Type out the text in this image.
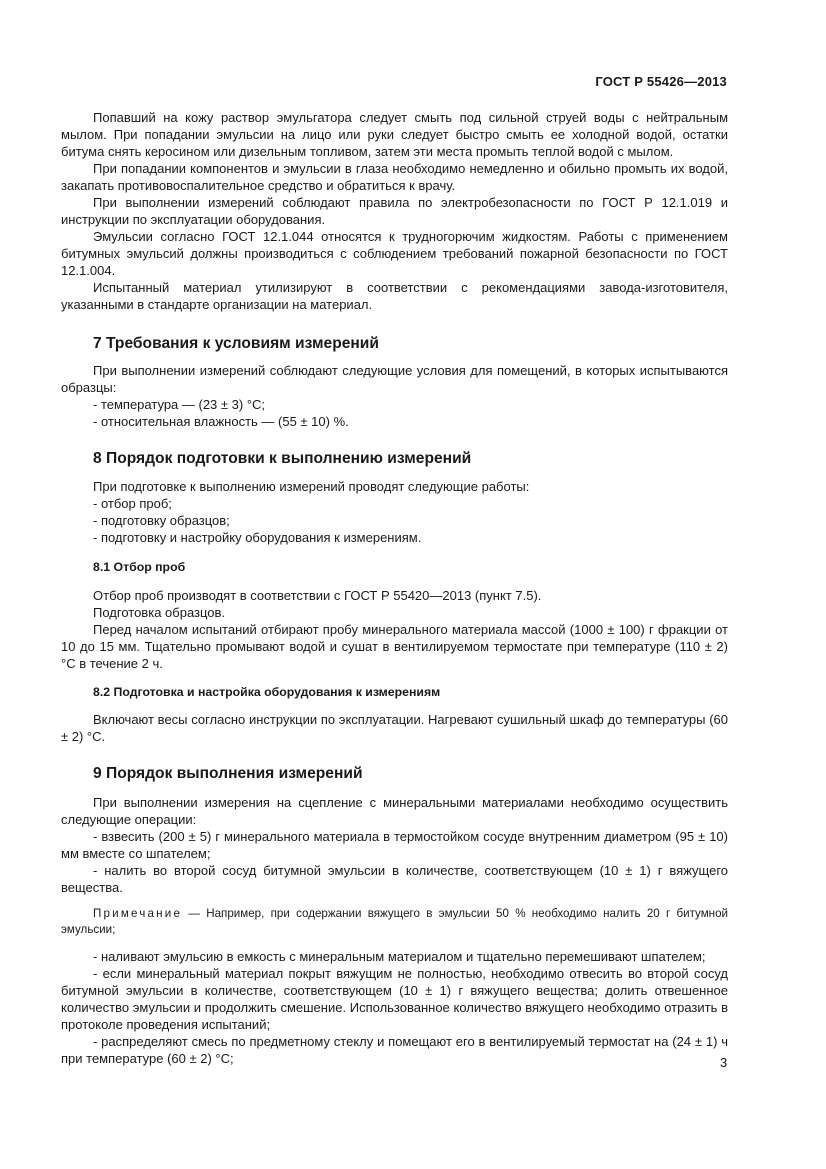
ГОСТ Р 55426—2013

Попавший на кожу раствор эмульгатора следует смыть под сильной струей воды с нейтральным мылом. При попадании эмульсии на лицо или руки следует быстро смыть ее холодной водой, остатки битума снять керосином или дизельным топливом, затем эти места промыть теплой водой с мылом.

При попадании компонентов и эмульсии в глаза необходимо немедленно и обильно промыть их водой, закапать противовоспалительное средство и обратиться к врачу.

При выполнении измерений соблюдают правила по электробезопасности по ГОСТ Р 12.1.019 и инструкции по эксплуатации оборудования.

Эмульсии согласно ГОСТ 12.1.044 относятся к трудногорючим жидкостям. Работы с применением битумных эмульсий должны производиться с соблюдением требований пожарной безопасности по ГОСТ 12.1.004.

Испытанный материал утилизируют в соответствии с рекомендациями завода-изготовителя, указанными в стандарте организации на материал.

7 Требования к условиям измерений

При выполнении измерений соблюдают следующие условия для помещений, в которых испытываются образцы:

- температура — (23 ± 3) °C;

- относительная влажность — (55 ± 10) %.

8 Порядок подготовки к выполнению измерений

При подготовке к выполнению измерений проводят следующие работы:

- отбор проб;

- подготовку образцов;

- подготовку и настройку оборудования к измерениям.

8.1 Отбор проб

Отбор проб производят в соответствии с ГОСТ Р 55420—2013 (пункт 7.5).

Подготовка образцов.

Перед началом испытаний отбирают пробу минерального материала массой (1000 ± 100) г фракции от 10 до 15 мм. Тщательно промывают водой и сушат в вентилируемом термостате при температуре (110 ± 2) °C в течение 2 ч.

8.2 Подготовка и настройка оборудования к измерениям

Включают весы согласно инструкции по эксплуатации. Нагревают сушильный шкаф до температуры (60 ± 2) °C.

9 Порядок выполнения измерений

При выполнении измерения на сцепление с минеральными материалами необходимо осуществить следующие операции:

- взвесить (200 ± 5) г минерального материала в термостойком сосуде внутренним диаметром (95 ± 10) мм вместе со шпателем;

- налить во второй сосуд битумной эмульсии в количестве, соответствующем (10 ± 1) г вяжущего вещества.

Примечание — Например, при содержании вяжущего в эмульсии 50 % необходимо налить 20 г битумной эмульсии;

- наливают эмульсию в емкость с минеральным материалом и тщательно перемешивают шпателем;

- если минеральный материал покрыт вяжущим не полностью, необходимо отвесить во второй сосуд битумной эмульсии в количестве, соответствующем (10 ± 1) г вяжущего вещества; долить отвешенное количество эмульсии и продолжить смешение. Использованное количество вяжущего необходимо отразить в протоколе проведения испытаний;

- распределяют смесь по предметному стеклу и помещают его в вентилируемый термостат на (24 ± 1) ч при температуре (60 ± 2) °C;	3
